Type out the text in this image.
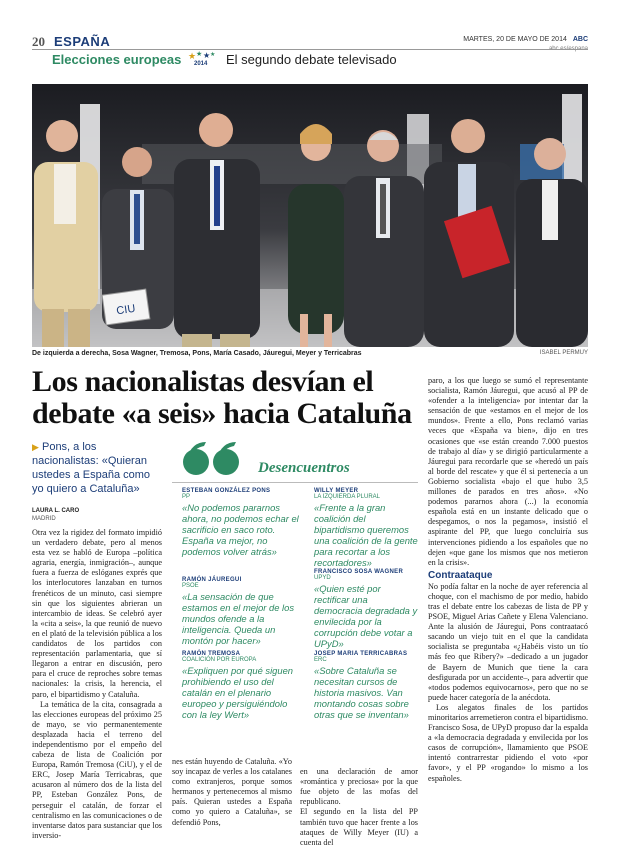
20 ESPAÑA	MARTES, 20 DE MAYO DE 2014 ABC
abc.es/espana
Elecciones europeas ★ ★ ★ ★
2014 El segundo debate televisado
CIU
De izquierda a derecha, Sosa Wagner, Tremosa, Pons, María Casado, Jáuregui, Meyer y Terricabras	ISABEL PERMUY
Los nacionalistas desvían el debate «a seis» hacia Cataluña
▶ Pons, a los nacionalistas: «Quieran ustedes a España como yo quiero a Cataluña»
LAURA L. CARO
MADRID

Otra vez la rigidez del formato impidió un verdadero debate, pero al menos esta vez se habló de Europa –política agraria, energía, inmigración–, aunque fuera a fuerza de eslóganes exprés que los interlocutores lanzaban en turnos frenéticos de un minuto, casi siempre sin que los siguientes abrieran un intercambio de ideas. Se celebró ayer la «cita a seis», la que reunió de nuevo en el plató de la televisión pública a los candidatos de los partidos con representación parlamentaria, que sí llegaron a entrar en discusión, pero para el cruce de reproches sobre temas nacionales: la crisis, la herencia, el paro, el bipartidismo y Cataluña.

La temática de la cita, consagrada a las elecciones europeas del próximo 25 de mayo, se vio permanentemente desplazada hacia el terreno del independentismo por el empeño del cabeza de lista de Coalición por Europa, Ramón Tremosa (CiU), y el de ERC, Josep María Terricabras, que acusaron al número dos de la lista del PP, Esteban González Pons, de perseguir el catalán, de forzar el centralismo en las comunicaciones o de inventarse datos para sustanciar que los inversio-

Desencuentros
ESTEBAN GONZÁLEZ PONS
PP
«No podemos pararnos ahora, no podemos echar el sacrificio en saco roto. España va mejor, no podemos volver atrás»
WILLY MEYER
LA IZQUIERDA PLURAL
«Frente a la gran coalición del bipartidismo queremos una coalición de la gente para recortar a los recortadores»
RAMÓN JÁUREGUI
PSOE
«La sensación de que estamos en el mejor de los mundos ofende a la inteligencia. Queda un montón por hacer»
FRANCISCO SOSA WAGNER
UPYD
«Quien esté por rectificar una democracia degradada y envilecida por la corrupción debe votar a UPyD»
RAMÓN TREMOSA
COALICIÓN POR EUROPA
«Expliquen por qué siguen prohibiendo el uso del catalán en el plenario europeo y persiguiéndolo con la ley Wert»
JOSEP MARIA TERRICABRAS
ERC
«Sobre Cataluña se necesitan cursos de historia masivos. Van montando cosas sobre otras que se inventan»

nes están huyendo de Cataluña. «Yo soy incapaz de verles a los catalanes como extranjeros, porque somos hermanos y pertenecemos al mismo país. Quieran ustedes a España como yo quiero a Cataluña», se defendió Pons,

en una declaración de amor «romántica y preciosa» por la que fue objeto de las mofas del republicano.
El segundo en la lista del PP también tuvo que hacer frente a los ataques de Willy Meyer (IU) a cuenta del

paro, a los que luego se sumó el representante socialista, Ramón Jáuregui, que acusó al PP de «ofender a la inteligencia» por intentar dar la sensación de que «estamos en el mejor de los mundos». Frente a ello, Pons reclamó varias veces que «España va bien», dijo en tres ocasiones que «se están creando 7.000 puestos de trabajo al día» y se dirigió particularmente a Jáuregui para recordarle que se «heredó un país al borde del rescate» y que él si pertenecía a un Gobierno socialista «bajo el que hubo 3,5 millones de parados en tres años». «No podemos pararnos ahora (...) la economía española está en un instante delicado que o despegamos, o nos la pegamos», insistió el aspirante del PP, que luego concluiría sus intervenciones pidiendo a los españoles que no dejen «que gane los mismos que nos metieron en la crisis».

Contraataque

No podía faltar en la noche de ayer referencia al choque, con el machismo de por medio, habido tras el debate entre los cabezas de lista de PP y PSOE, Miguel Arias Cañete y Elena Valenciano. Ante la alusión de Jáuregui, Pons contraatacó sacando un viejo tuit en el que la candidata socialista se preguntaba «¿Habéis visto un tío más feo que Ribery?» –dedicado a un jugador de Bayern de Munich que tiene la cara desfigurada por un accidente–, para advertir que «todos podemos equivocarnos», pero que no se puede hacer categoría de la anécdota.

Los alegatos finales de los partidos minoritarios arremetieron contra el bipartidismo. Francisco Sosa, de UPyD propuso dar la espalda a «la democracia degradada y envilecida por los casos de corrupción», llamamiento que PSOE intentó contrarrestar pidiendo el voto «por favor», y el PP «rogando» lo mismo a los españoles.
